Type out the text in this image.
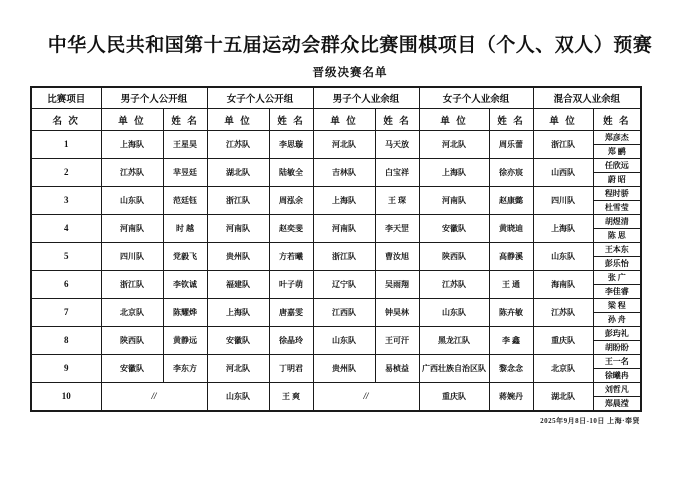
中华人民共和国第十五届运动会群众比赛围棋项目（个人、双人）预赛
晋级决赛名单
比赛项目	男子个人公开组		女子个人公开组		男子个人业余组		女子个人业余组		混合双人业余组	
名 次	单 位	姓 名	单 位	姓 名	单 位	姓 名	单 位	姓 名	单 位	姓 名
1	上海队	王星昊	江苏队	李思璇	河北队	马天放	河北队	周乐蕾	浙江队	郑彦杰
										郑 鹂
2	江苏队	芈昱廷	湖北队	陆敏全	吉林队	白宝祥	上海队	徐亦宸	山西队	任欣远
										蔚 昭
3	山东队	范廷钰	浙江队	周泓余	上海队	王 琛	河南队	赵康懿	四川队	程时骄
										杜雪莹
4	河南队	时 越	河南队	赵奕斐	河南队	李天罡	安徽队	黄晓迪	上海队	胡煜清
										陈 思
5	四川队	党毅飞	贵州队	方若曦	浙江队	曹汝旭	陕西队	高静溪	山东队	王本东
										彭乐怡
6	浙江队	李钦诚	福建队	叶子萌	辽宁队	吴雨翔	江苏队	王 通	海南队	张 广
										李佳睿
7	北京队	陈耀烨	上海队	唐嘉雯	江西队	钟昊林	山东队	陈卉敏	江苏队	梁 程
										孙 舟
8	陕西队	黄静远	安徽队	徐晶玲	山东队	王可汗	黑龙江队	李 鑫	重庆队	彭玙礼
										胡盼盼
9	安徽队	李东方	河北队	丁明君	贵州队	易桢益	广西壮族自治区队	黎念念	北京队	王一名
										徐曦冉
10	//		山东队	王 爽	//		重庆队	蒋婉丹	湖北队	刘哲凡
										郑晨滢
2025年9月8日-10日 上海·奉贤
